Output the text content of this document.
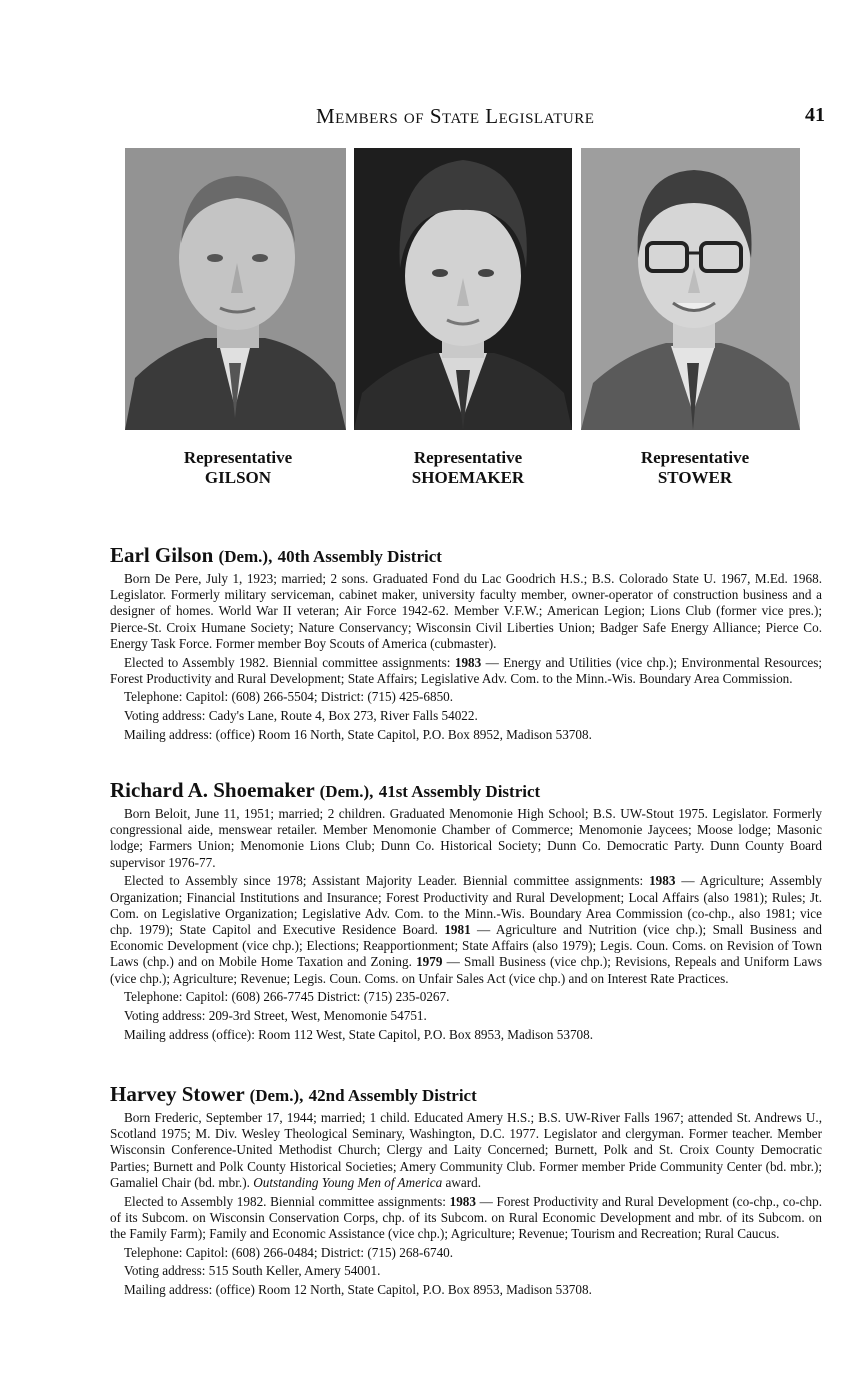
Members of State Legislature	41
Representative
GILSON
Representative
SHOEMAKER
Representative
STOWER
Earl Gilson (Dem.), 40th Assembly District

Born De Pere, July 1, 1923; married; 2 sons. Graduated Fond du Lac Goodrich H.S.; B.S. Colorado State U. 1967, M.Ed. 1968. Legislator. Formerly military serviceman, cabinet maker, university faculty member, owner-operator of construction business and a designer of homes. World War II veteran; Air Force 1942-62. Member V.F.W.; American Legion; Lions Club (former vice pres.); Pierce-St. Croix Humane Society; Nature Conservancy; Wisconsin Civil Liberties Union; Badger Safe Energy Alliance; Pierce Co. Energy Task Force. Former member Boy Scouts of America (cubmaster).

Elected to Assembly 1982. Biennial committee assignments: 1983 — Energy and Utilities (vice chp.); Environmental Resources; Forest Productivity and Rural Development; State Affairs; Legislative Adv. Com. to the Minn.-Wis. Boundary Area Commission.

Telephone: Capitol: (608) 266-5504; District: (715) 425-6850.

Voting address: Cady's Lane, Route 4, Box 273, River Falls 54022.

Mailing address: (office) Room 16 North, State Capitol, P.O. Box 8952, Madison 53708.

Richard A. Shoemaker (Dem.), 41st Assembly District

Born Beloit, June 11, 1951; married; 2 children. Graduated Menomonie High School; B.S. UW-Stout 1975. Legislator. Formerly congressional aide, menswear retailer. Member Menomonie Chamber of Commerce; Menomonie Jaycees; Moose lodge; Masonic lodge; Farmers Union; Menomonie Lions Club; Dunn Co. Historical Society; Dunn Co. Democratic Party. Dunn County Board supervisor 1976-77.

Elected to Assembly since 1978; Assistant Majority Leader. Biennial committee assignments: 1983 — Agriculture; Assembly Organization; Financial Institutions and Insurance; Forest Productivity and Rural Development; Local Affairs (also 1981); Rules; Jt. Com. on Legislative Organization; Legislative Adv. Com. to the Minn.-Wis. Boundary Area Commission (co-chp., also 1981; vice chp. 1979); State Capitol and Executive Residence Board. 1981 — Agriculture and Nutrition (vice chp.); Small Business and Economic Development (vice chp.); Elections; Reapportionment; State Affairs (also 1979); Legis. Coun. Coms. on Revision of Town Laws (chp.) and on Mobile Home Taxation and Zoning. 1979 — Small Business (vice chp.); Revisions, Repeals and Uniform Laws (vice chp.); Agriculture; Revenue; Legis. Coun. Coms. on Unfair Sales Act (vice chp.) and on Interest Rate Practices.

Telephone: Capitol: (608) 266-7745 District: (715) 235-0267.

Voting address: 209-3rd Street, West, Menomonie 54751.

Mailing address (office): Room 112 West, State Capitol, P.O. Box 8953, Madison 53708.

Harvey Stower (Dem.), 42nd Assembly District

Born Frederic, September 17, 1944; married; 1 child. Educated Amery H.S.; B.S. UW-River Falls 1967; attended St. Andrews U., Scotland 1975; M. Div. Wesley Theological Seminary, Washington, D.C. 1977. Legislator and clergyman. Former teacher. Member Wisconsin Conference-United Methodist Church; Clergy and Laity Concerned; Burnett, Polk and St. Croix County Democratic Parties; Burnett and Polk County Historical Societies; Amery Community Club. Former member Pride Community Center (bd. mbr.); Gamaliel Chair (bd. mbr.). Outstanding Young Men of America award.

Elected to Assembly 1982. Biennial committee assignments: 1983 — Forest Productivity and Rural Development (co-chp., co-chp. of its Subcom. on Wisconsin Conservation Corps, chp. of its Subcom. on Rural Economic Development and mbr. of its Subcom. on the Family Farm); Family and Economic Assistance (vice chp.); Agriculture; Revenue; Tourism and Recreation; Rural Caucus.

Telephone: Capitol: (608) 266-0484; District: (715) 268-6740.

Voting address: 515 South Keller, Amery 54001.

Mailing address: (office) Room 12 North, State Capitol, P.O. Box 8953, Madison 53708.
